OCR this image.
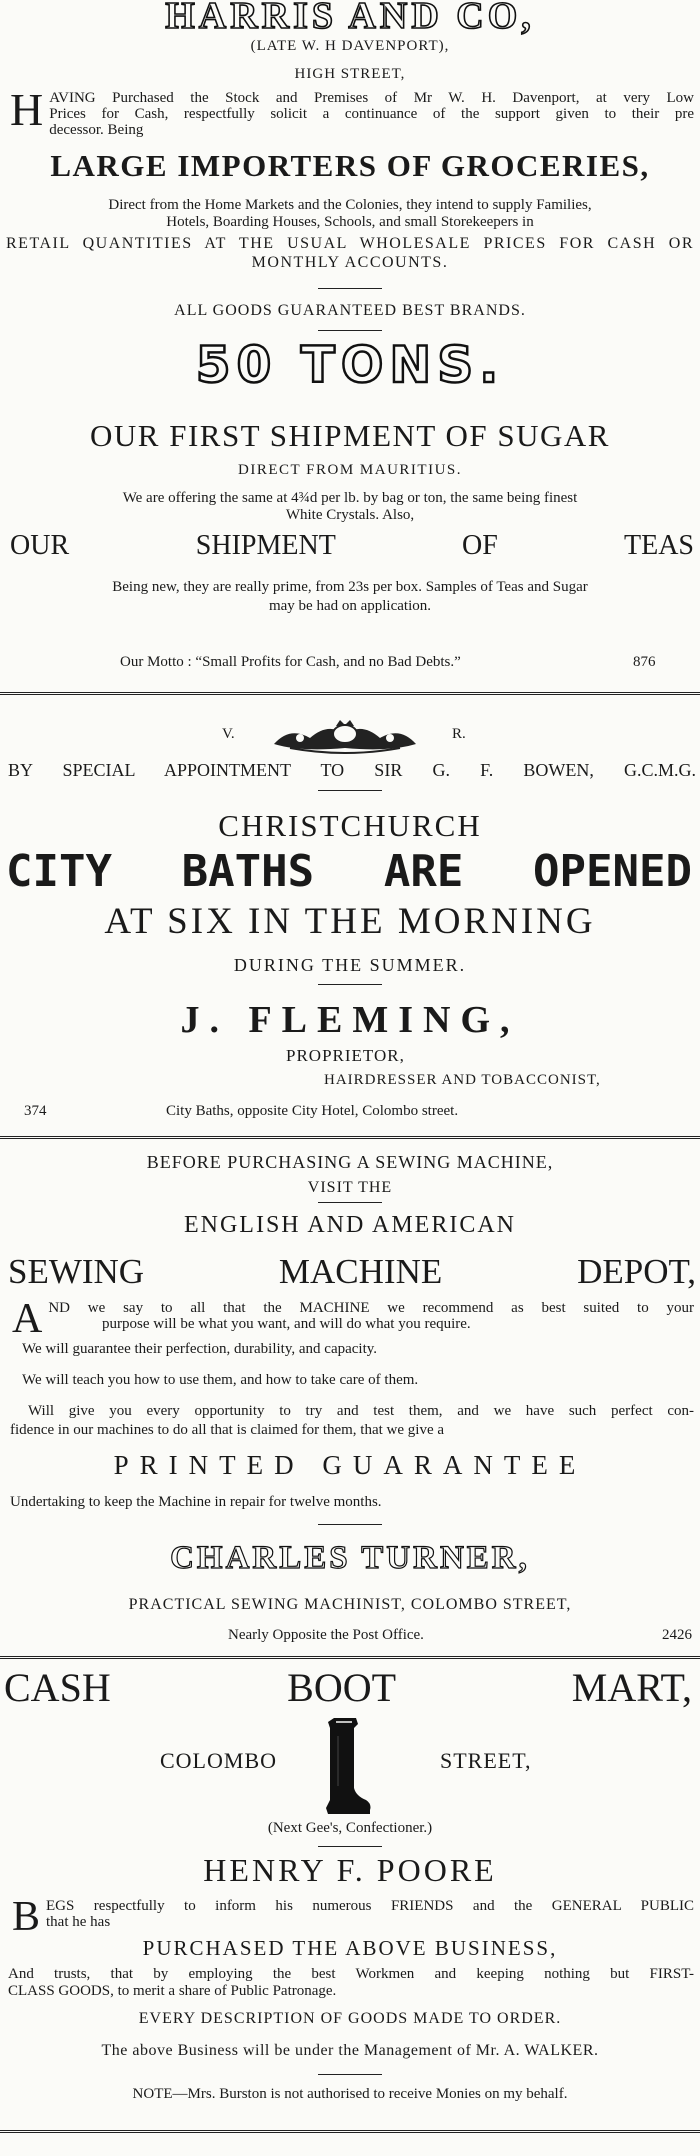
HARRIS AND CO,
(LATE W. H DAVENPORT),
HIGH STREET,
H AVING Purchased the Stock and Premises of Mr W. H. Davenport, at very Low
Prices for Cash, respectfully solicit a continuance of the support given to their pre
decessor. Being
LARGE IMPORTERS OF GROCERIES,
Direct from the Home Markets and the Colonies, they intend to supply Families,
Hotels, Boarding Houses, Schools, and small Storekeepers in
RETAIL QUANTITIES AT THE USUAL WHOLESALE PRICES FOR CASH OR
MONTHLY ACCOUNTS.
ALL GOODS GUARANTEED BEST BRANDS.
50 TONS.
OUR FIRST SHIPMENT OF SUGAR
DIRECT FROM MAURITIUS.
We are offering the same at 4¾d per lb. by bag or ton, the same being finest
White Crystals. Also,
OUR SHIPMENT OF TEAS
Being new, they are really prime, from 23s per box. Samples of Teas and Sugar
may be had on application.
Our Motto : “Small Profits for Cash, and no Bad Debts.”	876
V.	R.
BY SPECIAL APPOINTMENT TO SIR G. F. BOWEN, G.C.M.G.
CHRISTCHURCH
CITY BATHS ARE OPENED
AT SIX IN THE MORNING
DURING THE SUMMER.
J. FLEMING,
PROPRIETOR,
HAIRDRESSER AND TOBACCONIST,
374	City Baths, opposite City Hotel, Colombo street.
BEFORE PURCHASING A SEWING MACHINE,
VISIT THE
ENGLISH AND AMERICAN
SEWING MACHINE DEPOT,
A ND we say to all that the MACHINE we recommend as best suited to your
purpose will be what you want, and will do what you require.
We will guarantee their perfection, durability, and capacity.
We will teach you how to use them, and how to take care of them.
Will give you every opportunity to try and test them, and we have such perfect con-
fidence in our machines to do all that is claimed for them, that we give a
PRINTED GUARANTEE
Undertaking to keep the Machine in repair for twelve months.
CHARLES TURNER,
PRACTICAL SEWING MACHINIST, COLOMBO STREET,
Nearly Opposite the Post Office.	2426
CASH BOOT MART,
COLOMBO	STREET,
(Next Gee's, Confectioner.)
HENRY F. POORE
B EGS respectfully to inform his numerous FRIENDS and the GENERAL PUBLIC
that he has
PURCHASED THE ABOVE BUSINESS,
And trusts, that by employing the best Workmen and keeping nothing but FIRST-
CLASS GOODS, to merit a share of Public Patronage.
EVERY DESCRIPTION OF GOODS MADE TO ORDER.
The above Business will be under the Management of Mr. A. WALKER.
NOTE—Mrs. Burston is not authorised to receive Monies on my behalf.
